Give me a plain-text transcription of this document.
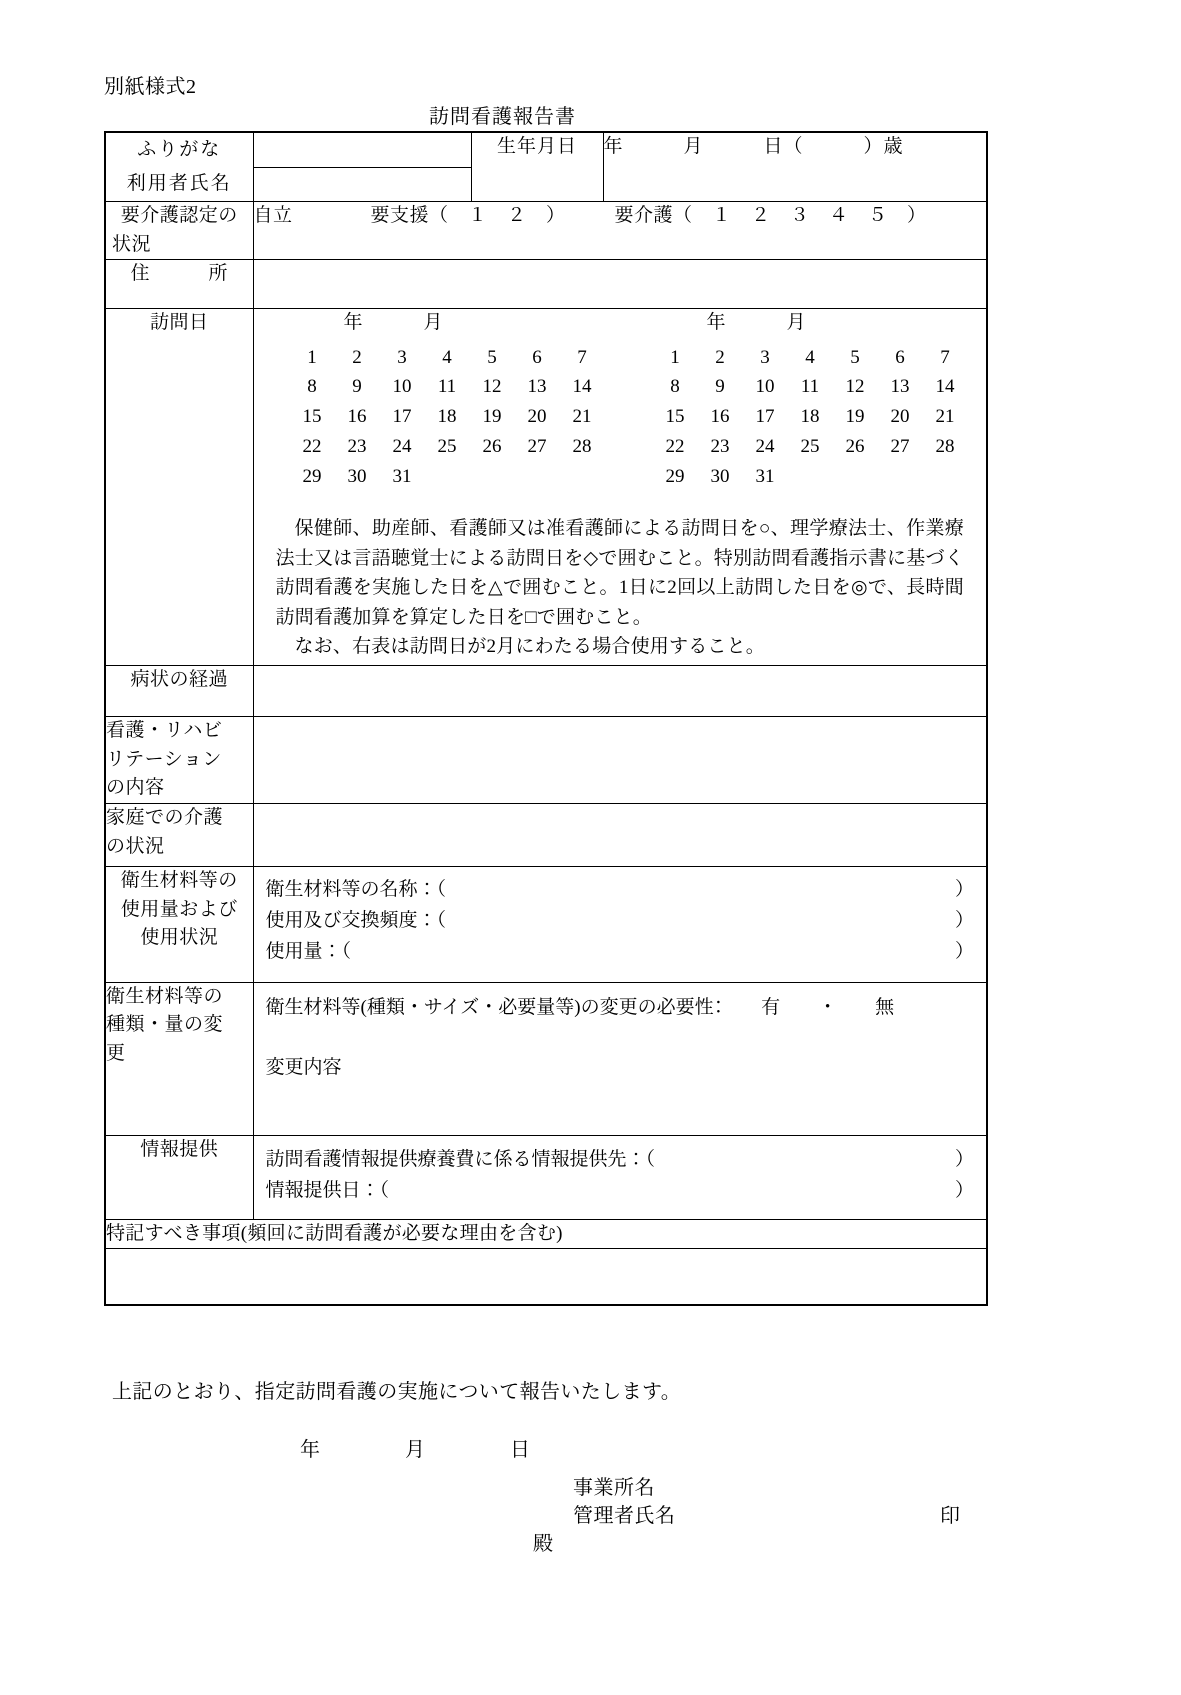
別紙様式2
訪問看護報告書
ふりがな
利用者氏名		生年月日	年　　　月　　　日（　　　）歳

要介護認定の
状況	自立　　　　要支援（　１　２　）　　　要介護（　１　２　３　４　５　）		
住　　　所			
訪問日	年　　　月
1	2	3	4	5	6	7
8	9	10	11	12	13	14
15	16	17	18	19	20	21
22	23	24	25	26	27	28
29	30	31
年　　　月
1	2	3	4	5	6	7
8	9	10	11	12	13	14
15	16	17	18	19	20	21
22	23	24	25	26	27	28
29	30	31

保健師、助産師、看護師又は准看護師による訪問日を○、理学療法士、作業療法士又は言語聴覚士による訪問日を◇で囲むこと。特別訪問看護指示書に基づく訪問看護を実施した日を△で囲むこと。1日に2回以上訪問した日を◎で、長時間訪問看護加算を算定した日を□で囲むこと。

なお、右表は訪問日が2月にわたる場合使用すること。

病状の経過			

看護・リハビ
リテーション
の内容			

家庭での介護
の状況			

衛生材料等の
使用量および
使用状況

衛生材料等の名称：（	）
使用及び交換頻度：（	）
使用量：（	）

衛生材料等の
種類・量の変
更

衛生材料等(種類・サイズ・必要量等)の変更の必要性：　　有　　・　　無
変更内容

情報提供	訪問看護情報提供療養費に係る情報提供先：（ ）
情報提供日：（ ）		

特記すべき事項(頻回に訪問看護が必要な理由を含む)			

上記のとおり、指定訪問看護の実施について報告いたします。
年　　　　月　　　　日
事業所名
管理者氏名	印
殿
